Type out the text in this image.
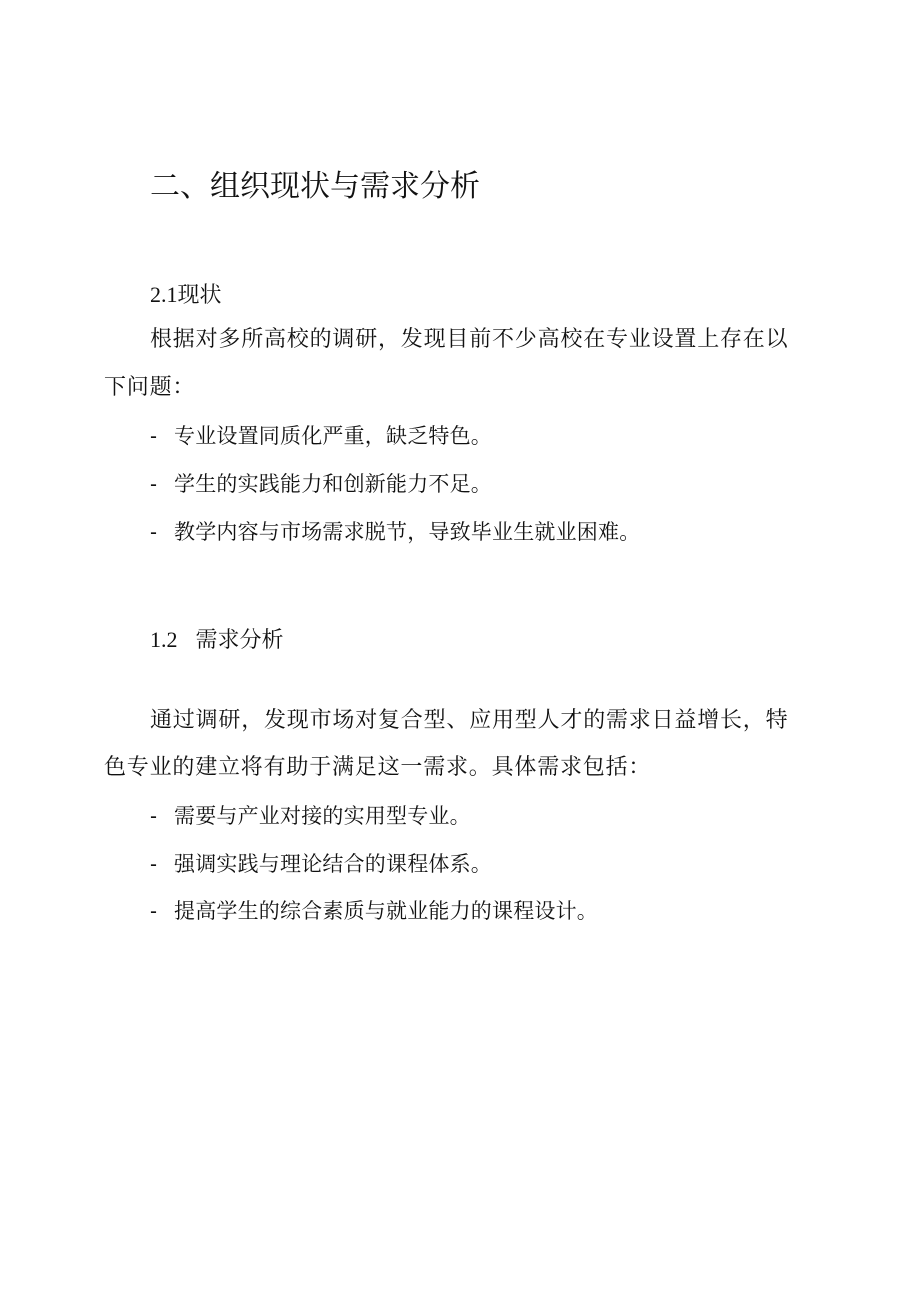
二、组织现状与需求分析
2.1现状
根据对多所高校的调研，发现目前不少高校在专业设置上存在以
下问题：
- 专业设置同质化严重，缺乏特色。
- 学生的实践能力和创新能力不足。
- 教学内容与市场需求脱节，导致毕业生就业困难。
1.2 需求分析
通过调研，发现市场对复合型、应用型人才的需求日益增长，特
色专业的建立将有助于满足这一需求。具体需求包括：
- 需要与产业对接的实用型专业。
- 强调实践与理论结合的课程体系。
- 提高学生的综合素质与就业能力的课程设计。
